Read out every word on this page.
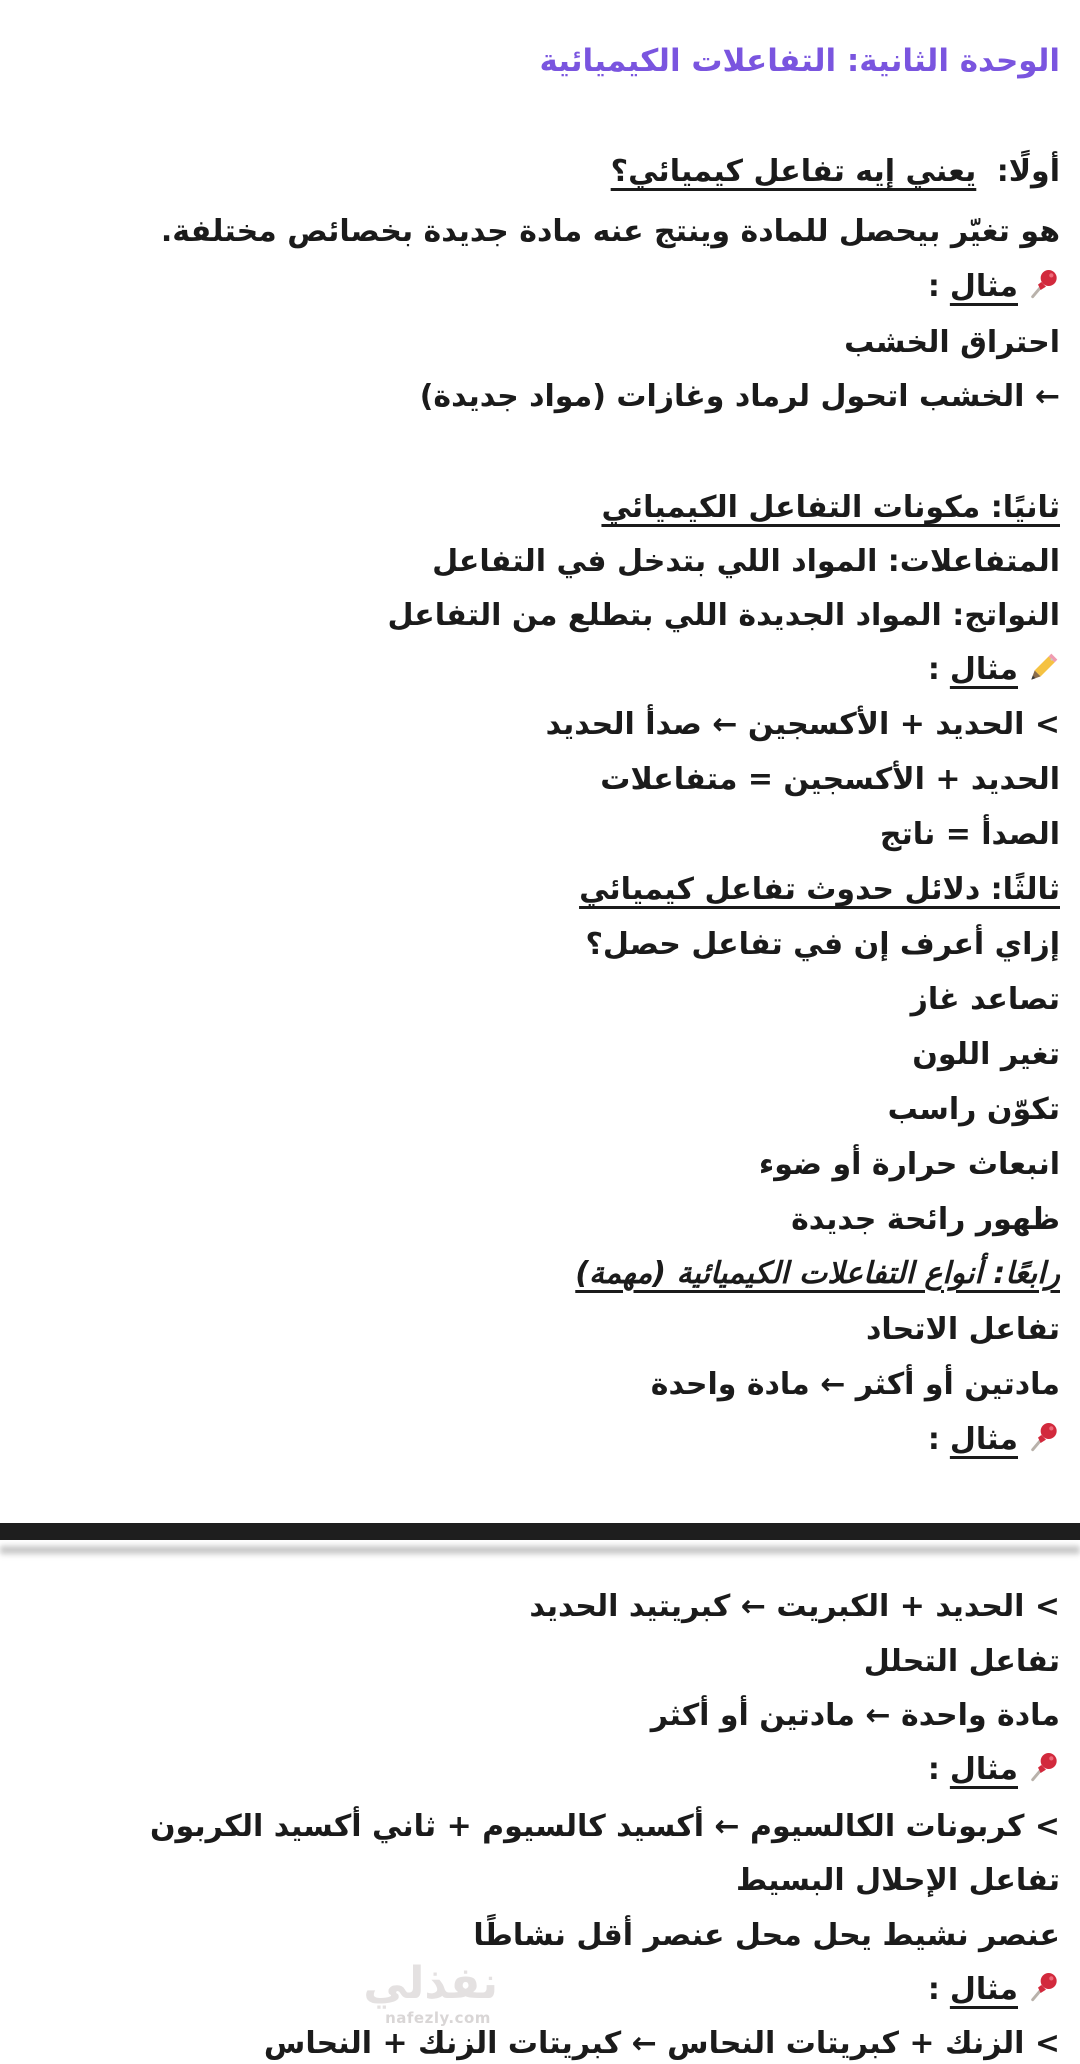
الوحدة الثانية: التفاعلات الكيميائية
أولًا:
يعني إيه تفاعل كيميائي؟
هو تغيّر بيحصل للمادة وينتج عنه مادة جديدة بخصائص مختلفة.
مثال
:
احتراق الخشب
← الخشب اتحول لرماد وغازات (مواد جديدة)
ثانيًا: مكونات التفاعل الكيميائي
المتفاعلات: المواد اللي بتدخل في التفاعل
النواتج: المواد الجديدة اللي بتطلع من التفاعل
مثال
:
> الحديد + الأكسجين ← صدأ الحديد
الحديد + الأكسجين = متفاعلات
الصدأ = ناتج
ثالثًا: دلائل حدوث تفاعل كيميائي
إزاي أعرف إن في تفاعل حصل؟
تصاعد غاز
تغير اللون
تكوّن راسب
انبعاث حرارة أو ضوء
ظهور رائحة جديدة
رابعًا: أنواع التفاعلات الكيميائية (مهمة)
تفاعل الاتحاد
مادتين أو أكثر ← مادة واحدة
مثال
:
> الحديد + الكبريت ← كبريتيد الحديد
تفاعل التحلل
مادة واحدة ← مادتين أو أكثر
مثال
:
> كربونات الكالسيوم ← أكسيد كالسيوم + ثاني أكسيد الكربون
تفاعل الإحلال البسيط
عنصر نشيط يحل محل عنصر أقل نشاطًا
مثال
:
> الزنك + كبريتات النحاس ← كبريتات الزنك + النحاس
نفذلي
nafezly.com
